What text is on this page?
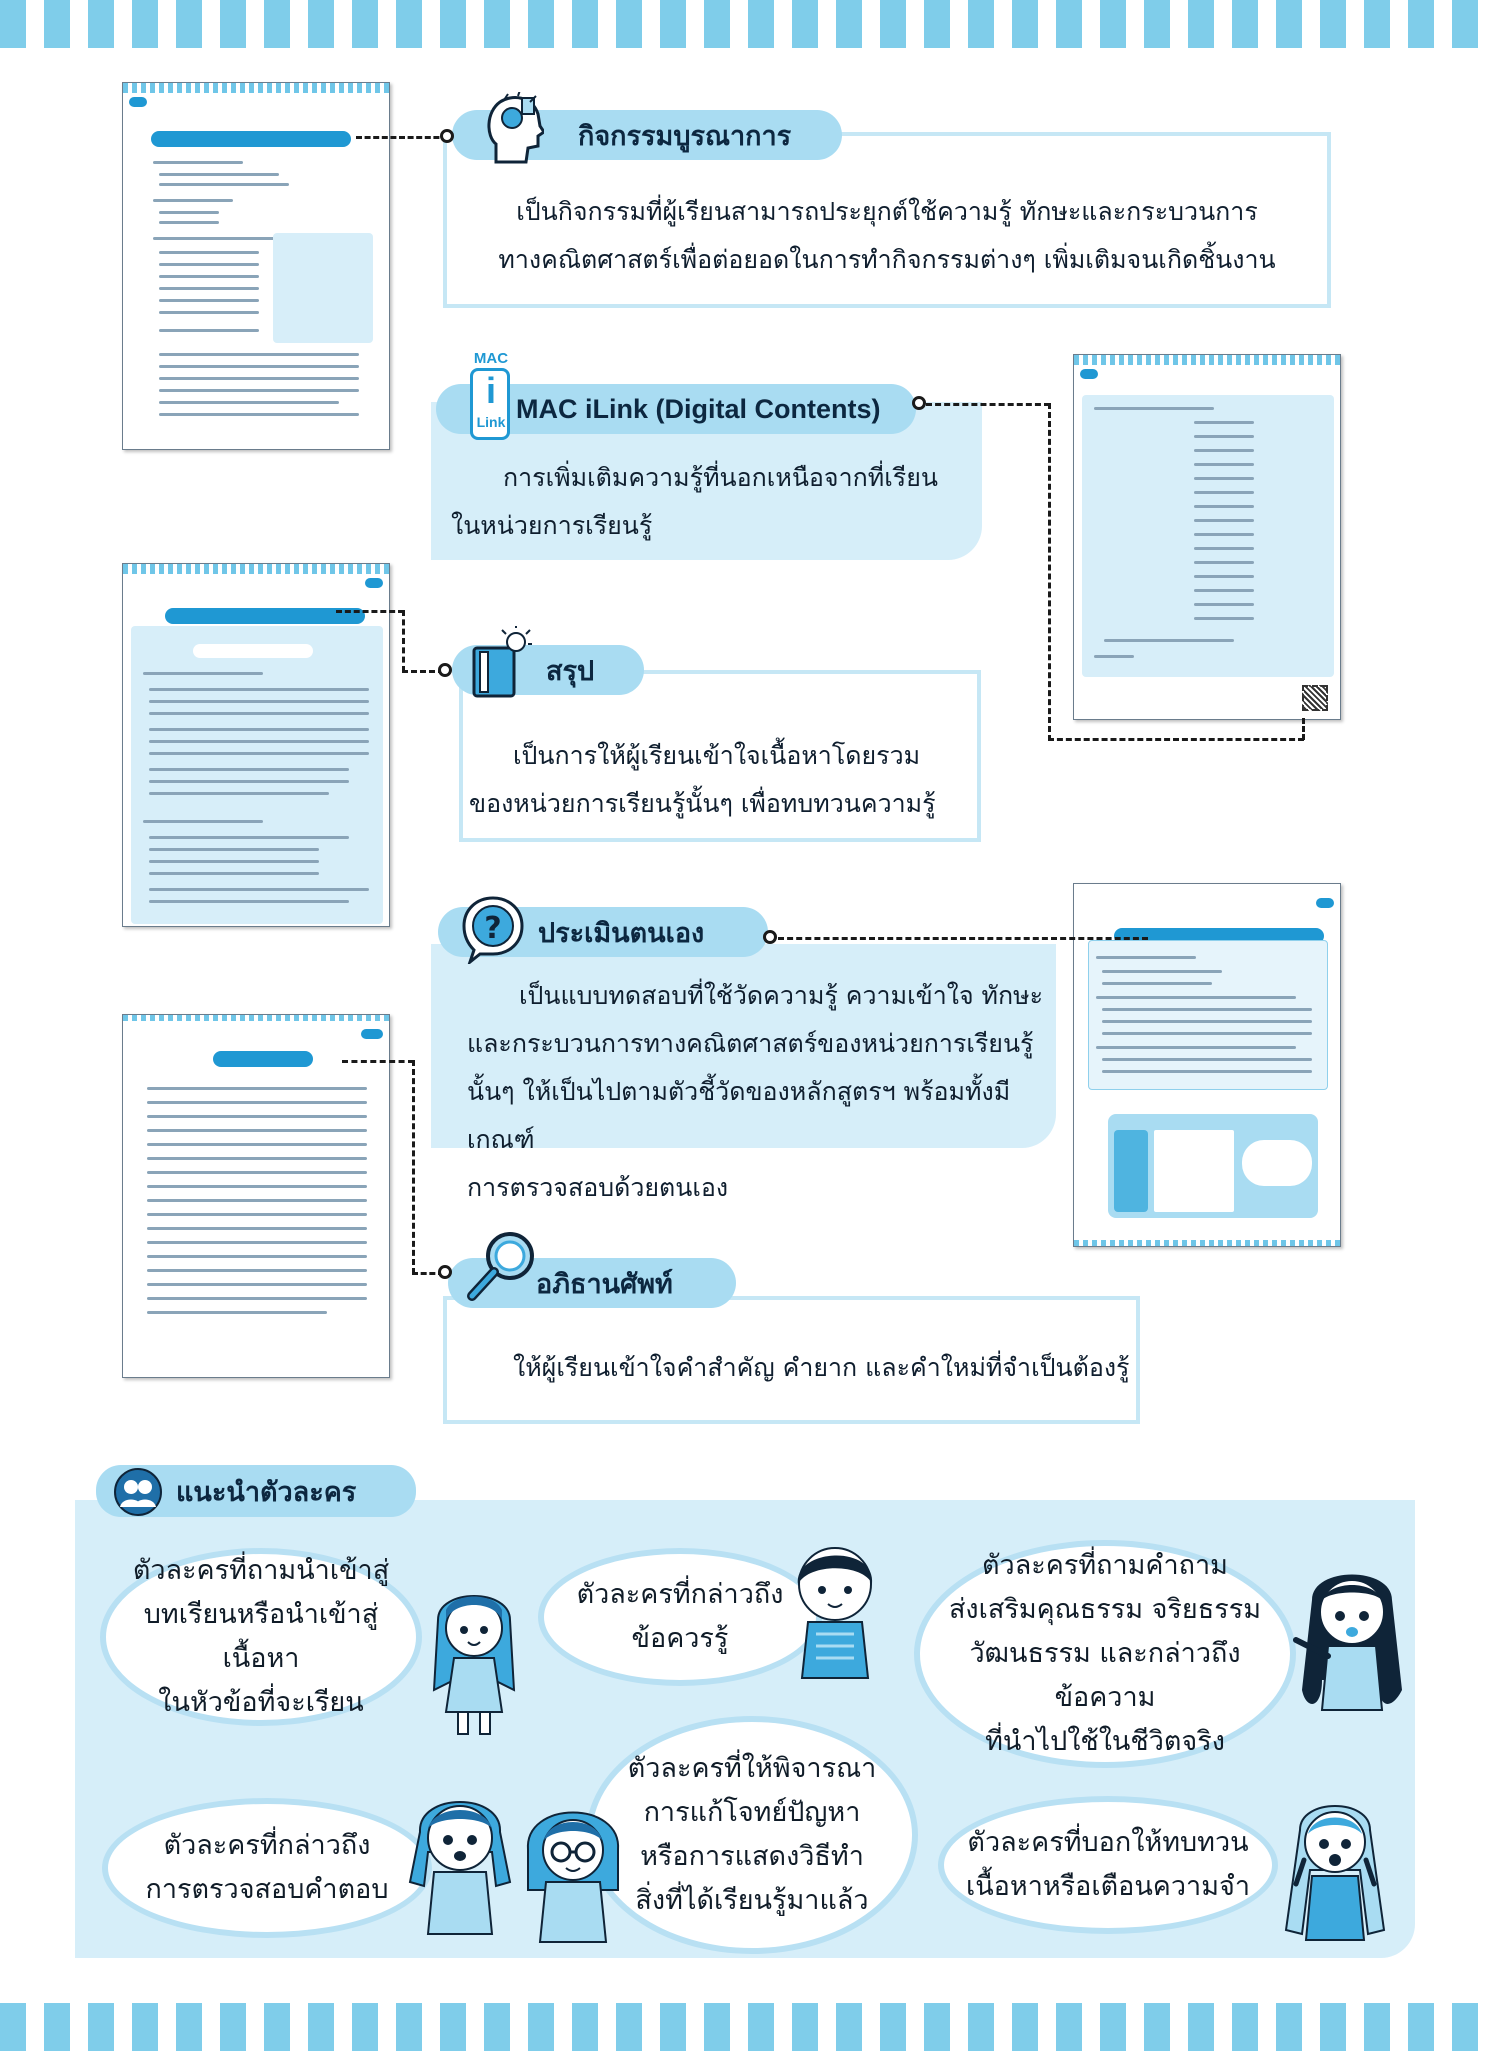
เป็นกิจกรรมที่ผู้เรียนสามารถประยุกต์ใช้ความรู้ ทักษะและกระบวนการ
ทางคณิตศาสตร์เพื่อต่อยอดในการทำกิจกรรมต่างๆ เพิ่มเติมจนเกิดชิ้นงาน
กิจกรรมบูรณาการ
การเพิ่มเติมความรู้ที่นอกเหนือจากที่เรียน
ในหน่วยการเรียนรู้
MAC iLink (Digital Contents)
MAC
i
Link
เป็นการให้ผู้เรียนเข้าใจเนื้อหาโดยรวม
ของหน่วยการเรียนรู้นั้นๆ เพื่อทบทวนความรู้
สรุป
เป็นแบบทดสอบที่ใช้วัดความรู้ ความเข้าใจ ทักษะ
และกระบวนการทางคณิตศาสตร์ของหน่วยการเรียนรู้
นั้นๆ ให้เป็นไปตามตัวชี้วัดของหลักสูตรฯ พร้อมทั้งมีเกณฑ์
การตรวจสอบด้วยตนเอง
ประเมินตนเอง
?
ให้ผู้เรียนเข้าใจคำสำคัญ คำยาก และคำใหม่ที่จำเป็นต้องรู้
อภิธานศัพท์
แนะนำตัวละคร
ตัวละครที่ถามนำเข้าสู่
บทเรียนหรือนำเข้าสู่เนื้อหา
ในหัวข้อที่จะเรียน
ตัวละครที่กล่าวถึง
ข้อควรรู้
ตัวละครที่ถามคำถาม
ส่งเสริมคุณธรรม จริยธรรม
วัฒนธรรม และกล่าวถึงข้อความ
ที่นำไปใช้ในชีวิตจริง
ตัวละครที่กล่าวถึง
การตรวจสอบคำตอบ
ตัวละครที่ให้พิจารณา
การแก้โจทย์ปัญหา
หรือการแสดงวิธีทำ
สิ่งที่ได้เรียนรู้มาแล้ว
ตัวละครที่บอกให้ทบทวน
เนื้อหาหรือเตือนความจำ
